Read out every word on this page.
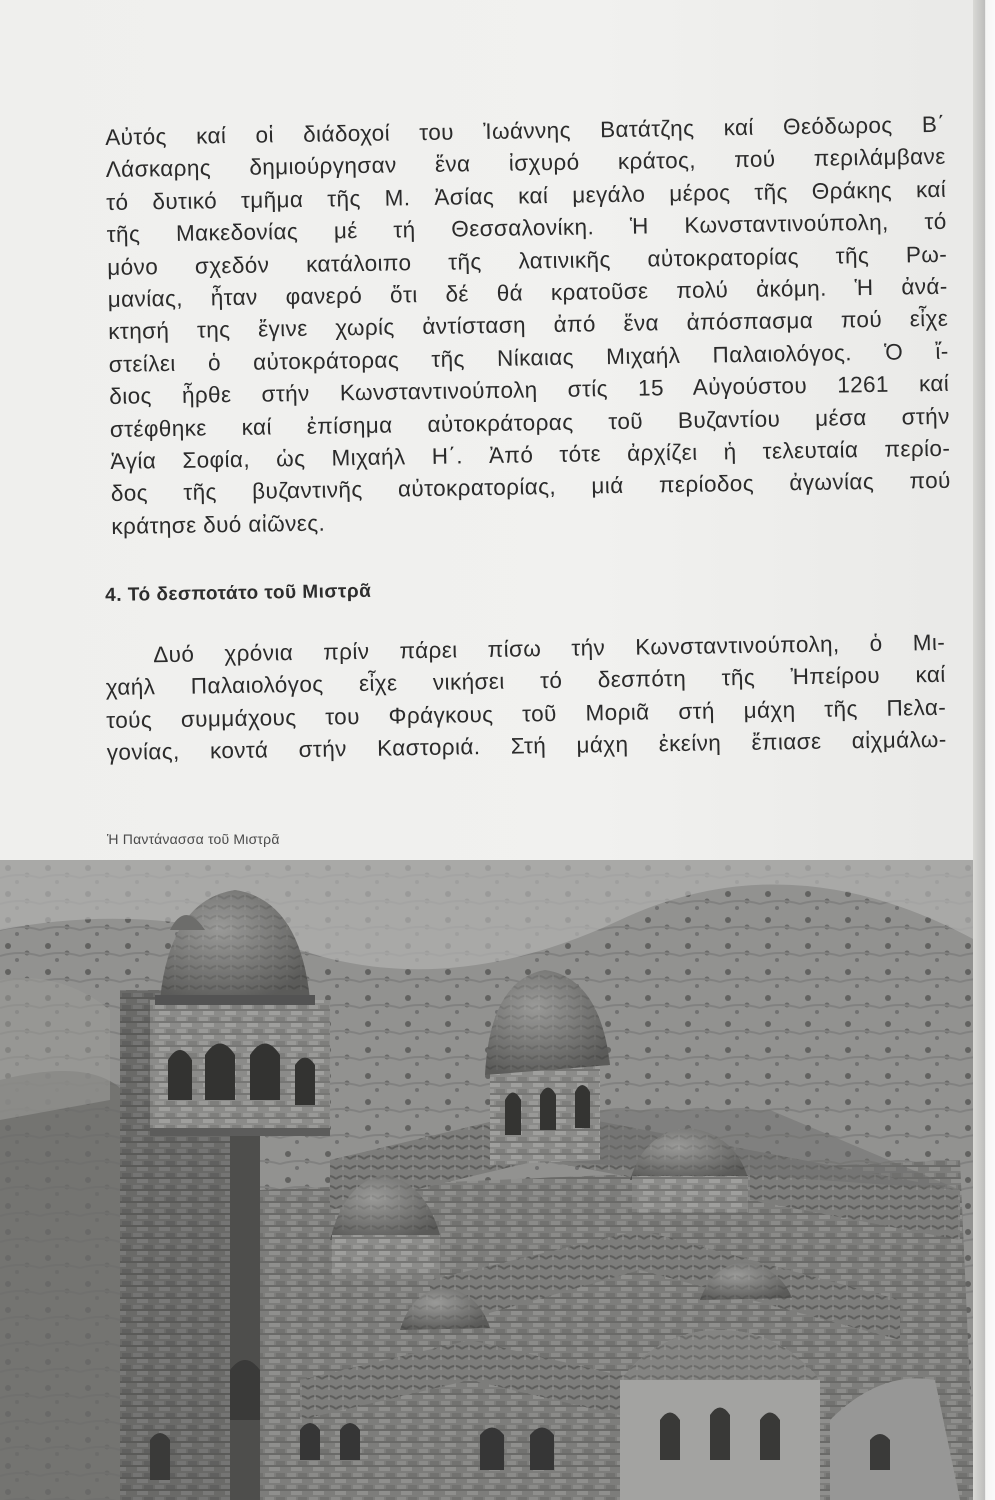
Αὐτός καί οἱ διάδοχοί του Ἰωάννης Βατάτζης καί Θεόδωρος Β΄
Λάσκαρης δημιούργησαν ἕνα ἰσχυρό κράτος, πού περιλάμβανε
τό δυτικό τμῆμα τῆς Μ. Ἀσίας καί μεγάλο μέρος τῆς Θράκης καί
τῆς Μακεδονίας μέ τή Θεσσαλονίκη. Ἡ Κωνσταντινούπολη, τό
μόνο σχεδόν κατάλοιπο τῆς λατινικῆς αὐτοκρατορίας τῆς Ρω-
μανίας, ἦταν φανερό ὅτι δέ θά κρατοῦσε πολύ ἀκόμη. Ἡ ἀνά-
κτησή της ἔγινε χωρίς ἀντίσταση ἀπό ἕνα ἀπόσπασμα πού εἶχε
στείλει ὁ αὐτοκράτορας τῆς Νίκαιας Μιχαήλ Παλαιολόγος. Ὁ ἴ-
διος ἦρθε στήν Κωνσταντινούπολη στίς 15 Αὐγούστου 1261 καί
στέφθηκε καί ἐπίσημα αὐτοκράτορας τοῦ Βυζαντίου μέσα στήν
Ἁγία Σοφία, ὡς Μιχαήλ Η΄. Ἀπό τότε ἀρχίζει ἡ τελευταία περίο-
δος τῆς βυζαντινῆς αὐτοκρατορίας, μιά περίοδος ἀγωνίας πού
κράτησε δυό αἰῶνες.
4. Τό δεσποτάτο τοῦ Μιστρᾶ
Δυό χρόνια πρίν πάρει πίσω τήν Κωνσταντινούπολη, ὁ Μι-
χαήλ Παλαιολόγος εἶχε νικήσει τό δεσπότη τῆς Ἠπείρου καί
τούς συμμάχους του Φράγκους τοῦ Μοριᾶ στή μάχη τῆς Πελα-
γονίας, κοντά στήν Καστοριά. Στή μάχη ἐκείνη ἔπιασε αἰχμάλω-
Ἡ Παντάνασσα τοῦ Μιστρᾶ
